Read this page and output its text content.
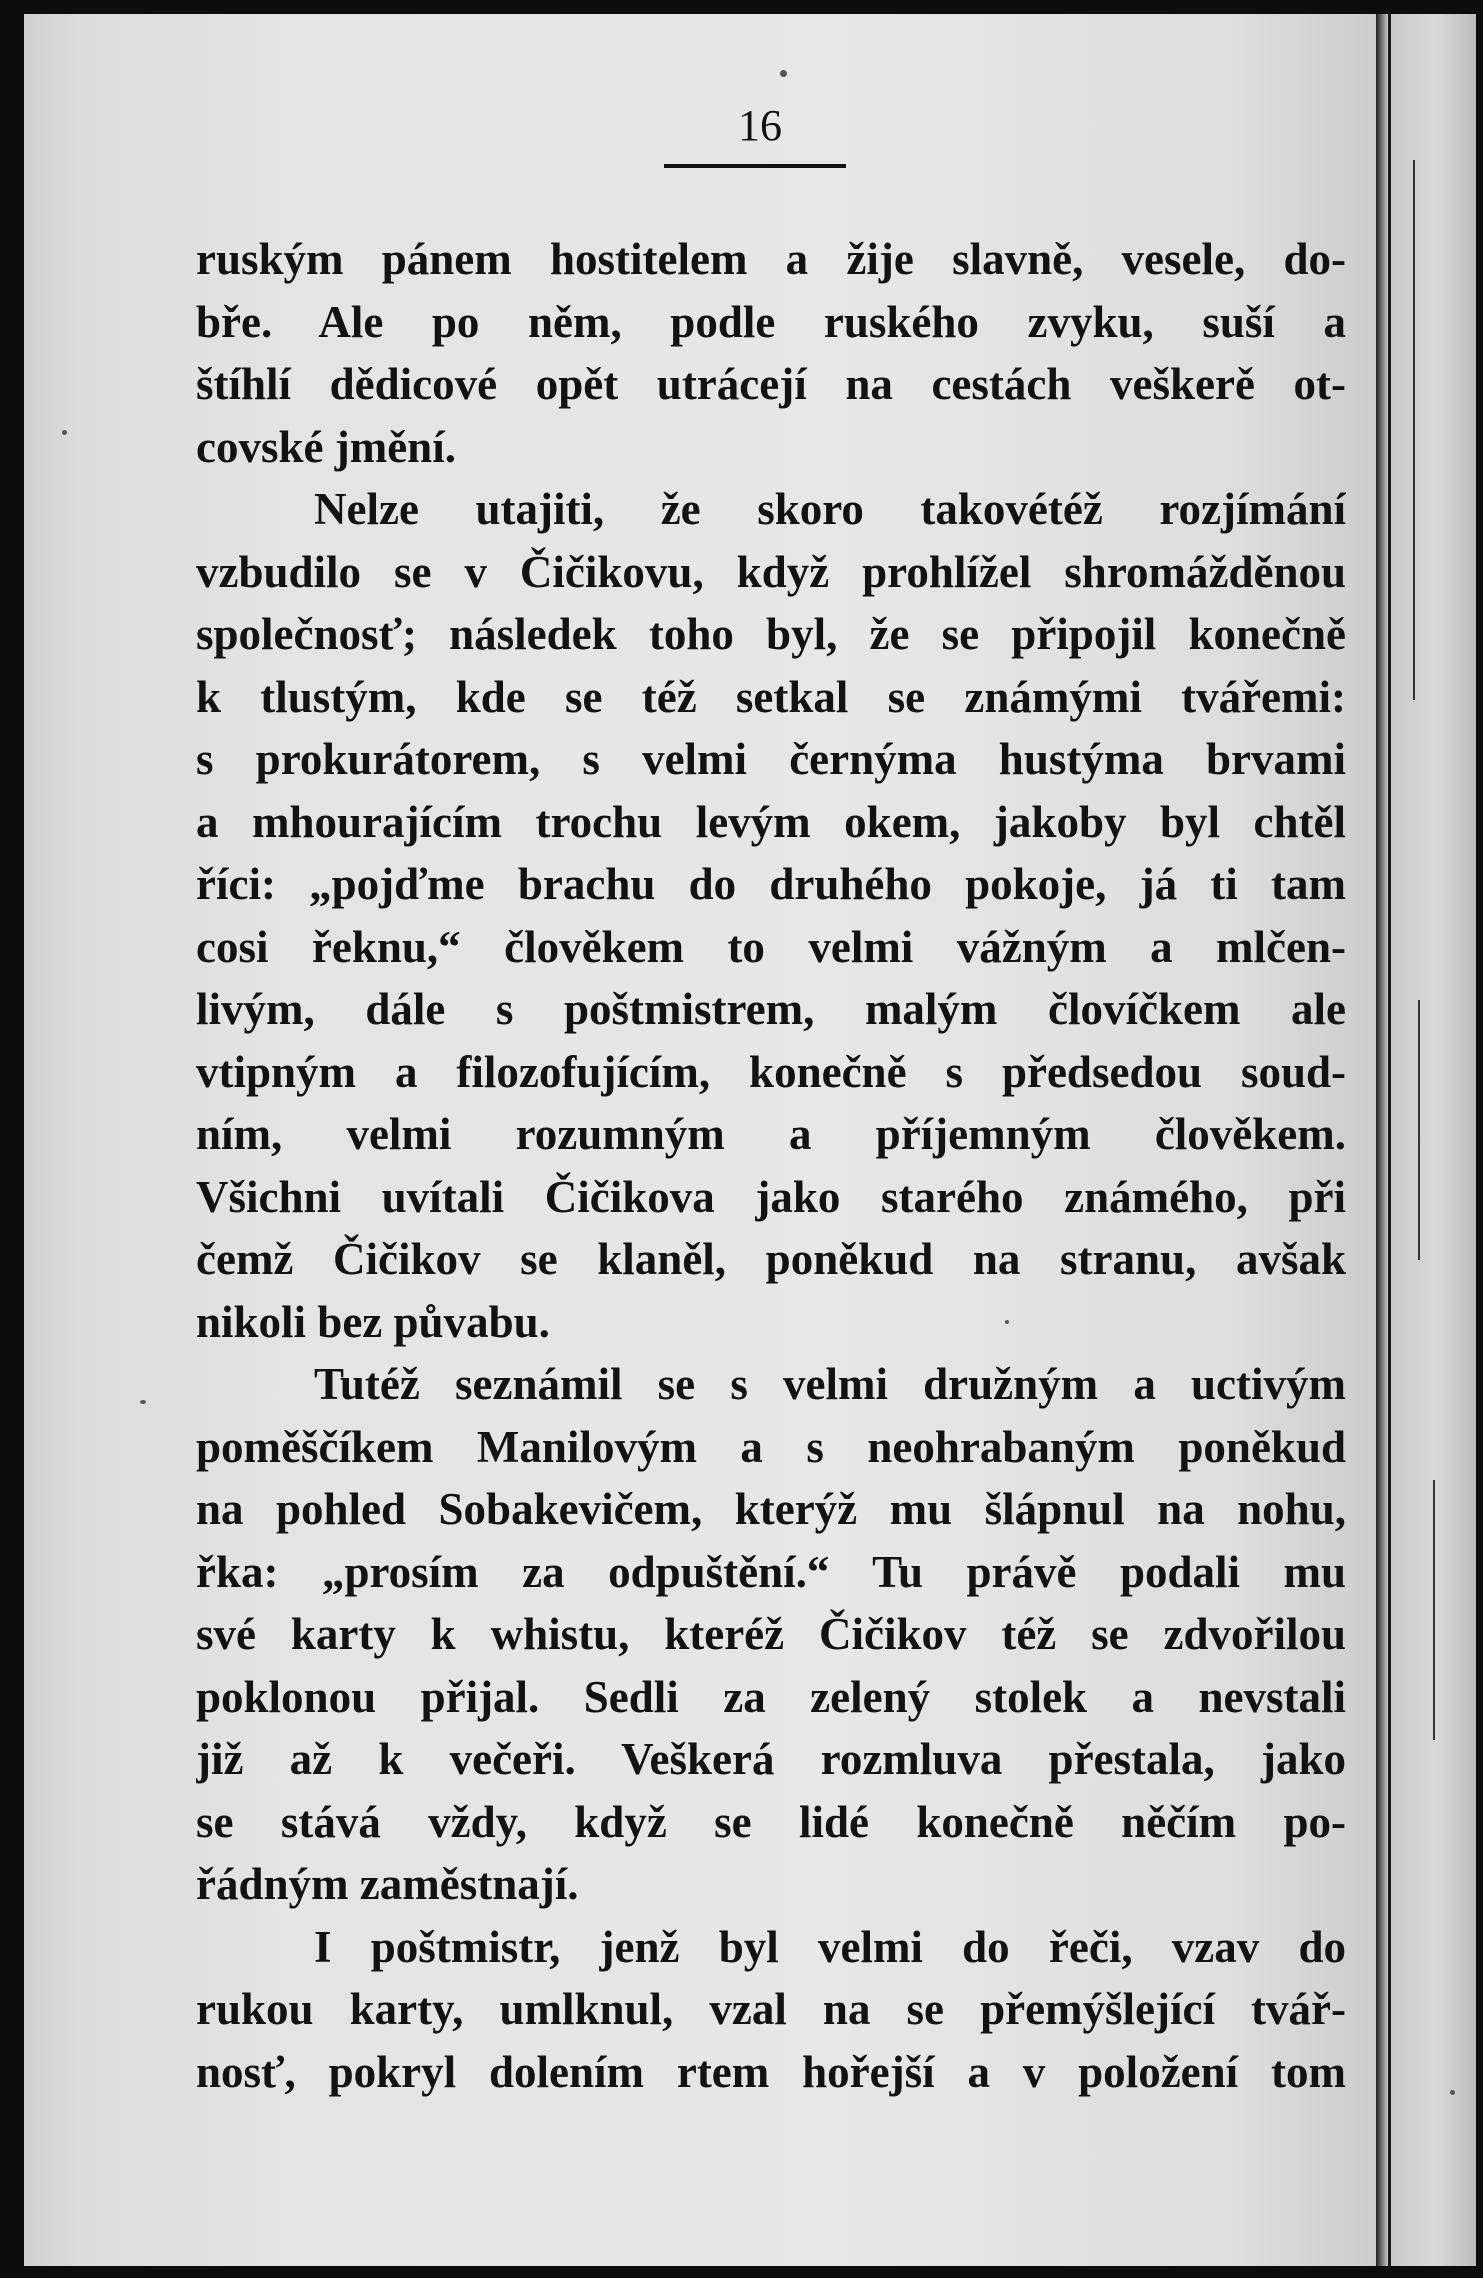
16
ruským pánem hostitelem a žije slavně, vesele, do-
bře. Ale po něm, podle ruského zvyku, suší a
štíhlí dědicové opět utrácejí na cestách veškerě ot-
covské jmění.
Nelze utajiti, že skoro takovétéž rozjímání
vzbudilo se v Čičikovu, když prohlížel shromážděnou
společnosť; následek toho byl, že se připojil konečně
k tlustým, kde se též setkal se známými tvářemi:
s prokurátorem, s velmi černýma hustýma brvami
a mhourajícím trochu levým okem, jakoby byl chtěl
říci: „pojďme brachu do druhého pokoje, já ti tam
cosi řeknu,“ člověkem to velmi vážným a mlčen-
livým, dále s poštmistrem, malým človíčkem ale
vtipným a filozofujícím, konečně s předsedou soud-
ním, velmi rozumným a příjemným člověkem.
Všichni uvítali Čičikova jako starého známého, při
čemž Čičikov se klaněl, poněkud na stranu, avšak
nikoli bez půvabu.
Tutéž seznámil se s velmi družným a uctivým
poměščíkem Manilovým a s neohrabaným poněkud
na pohled Sobakevičem, kterýž mu šlápnul na nohu,
řka: „prosím za odpuštění.“ Tu právě podali mu
své karty k whistu, kteréž Čičikov též se zdvořilou
poklonou přijal. Sedli za zelený stolek a nevstali
již až k večeři. Veškerá rozmluva přestala, jako
se stává vždy, když se lidé konečně něčím po-
řádným zaměstnají.
I poštmistr, jenž byl velmi do řeči, vzav do
rukou karty, umlknul, vzal na se přemýšlející tvář-
nosť, pokryl dolením rtem hořejší a v položení tom
